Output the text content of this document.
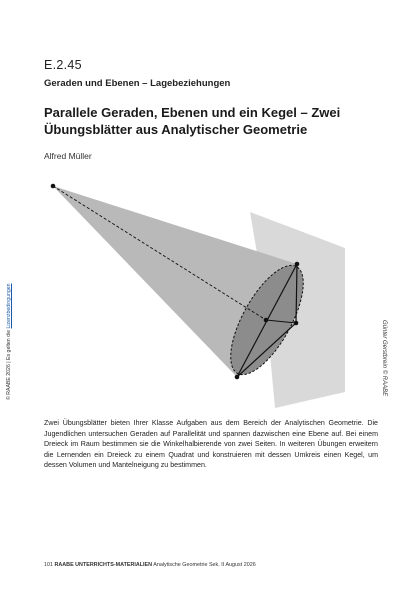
E.2.45
Geraden und Ebenen – Lagebeziehungen
Parallele Geraden, Ebenen und ein Kegel – Zwei Übungsblätter aus Analytischer Geometrie
Alfred Müller
© RAABE 2026 | Es gelten die Lizenzbedingungen
Günter Gerstbrein © RAABE

Zwei Übungsblätter bieten Ihrer Klasse Aufgaben aus dem Bereich der Analytischen Geometrie. Die Jugendlichen untersuchen Geraden auf Parallelität und spannen dazwischen eine Ebene auf. Bei einem Dreieck im Raum bestimmen sie die Winkelhalbierende von zwei Seiten. In weiteren Übungen erweitern die Lernenden ein Dreieck zu einem Quadrat und konstruieren mit dessen Umkreis einen Kegel, um dessen Volumen und Mantelneigung zu bestimmen.

101 RAABE UNTERRICHTS-MATERIALIEN Analytische Geometrie Sek. II August 2026
